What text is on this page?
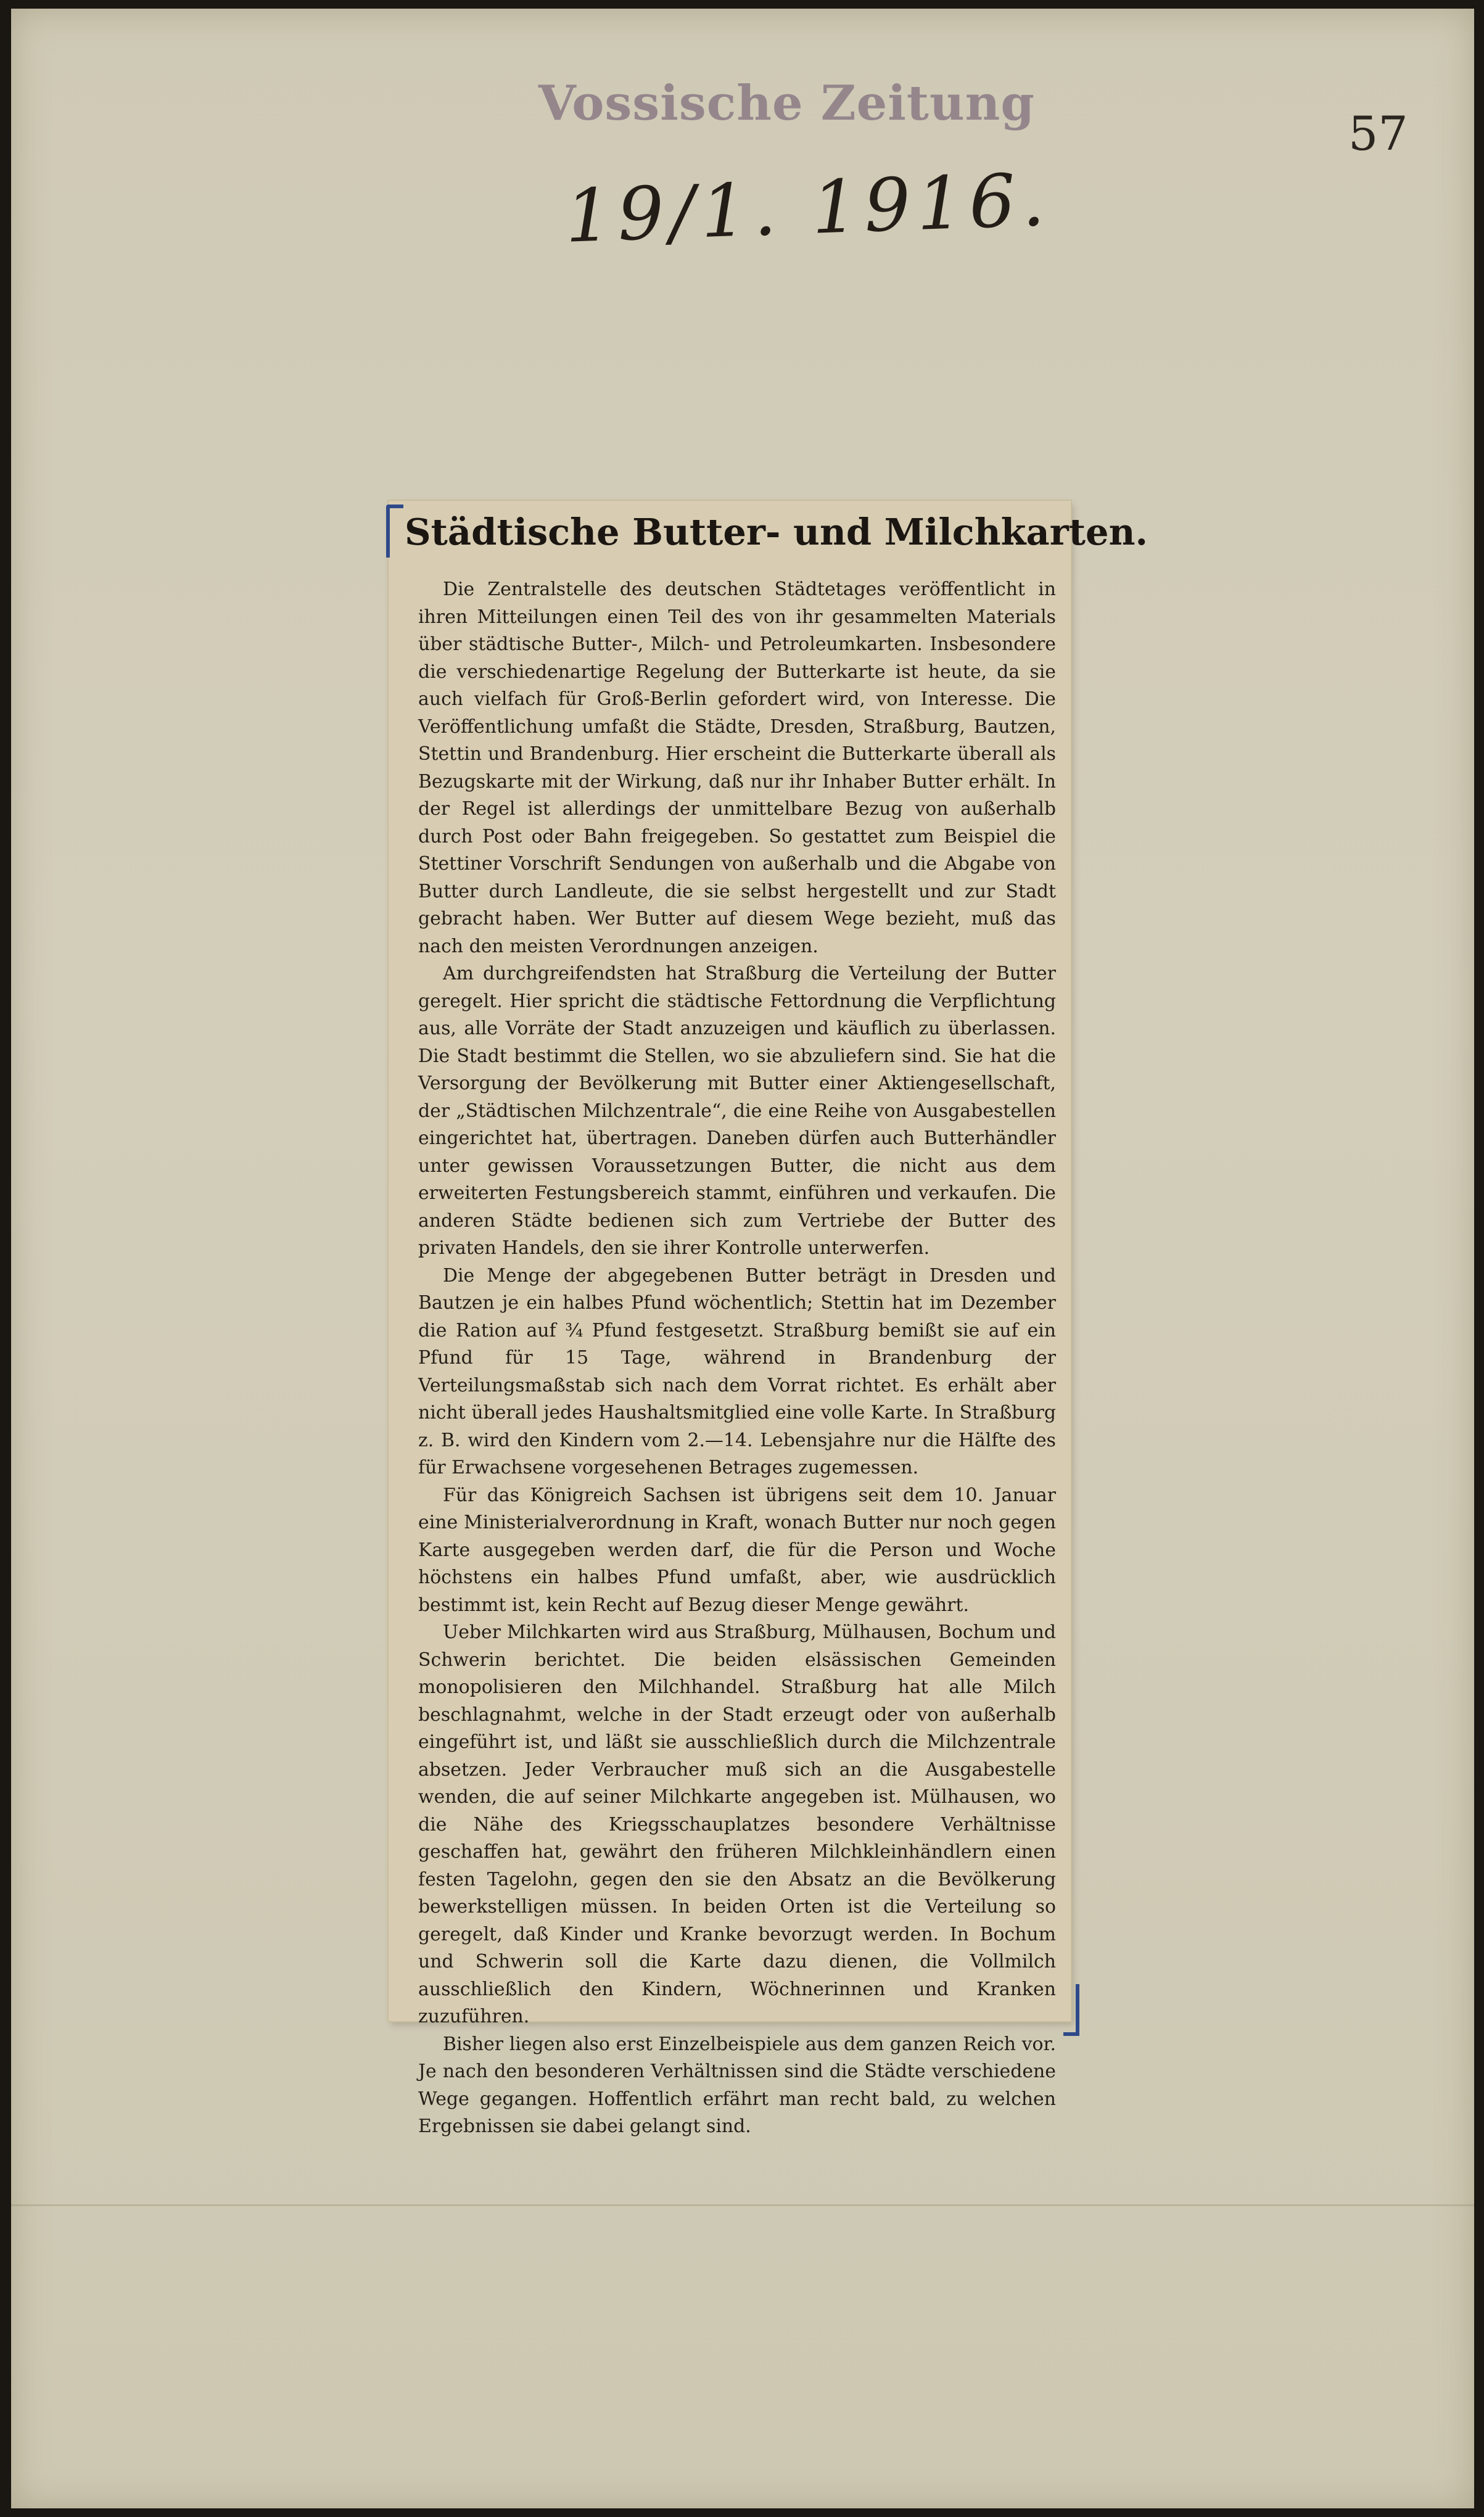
Vossische Zeitung
57
19/1. 1916.
Städtische Butter- und Milchkarten.

Die Zentralstelle des deutschen Städtetages veröffentlicht in ihren Mitteilungen einen Teil des von ihr gesammelten Materials über städtische Butter-, Milch- und Petroleumkarten. Insbesondere die verschiedenartige Regelung der Butterkarte ist heute, da sie auch vielfach für Groß-Berlin gefordert wird, von Interesse. Die Veröffentlichung umfaßt die Städte, Dresden, Straßburg, Bautzen, Stettin und Brandenburg. Hier erscheint die Butterkarte überall als Bezugskarte mit der Wirkung, daß nur ihr Inhaber Butter erhält. In der Regel ist allerdings der unmittelbare Bezug von außerhalb durch Post oder Bahn freigegeben. So gestattet zum Beispiel die Stettiner Vorschrift Sendungen von außerhalb und die Abgabe von Butter durch Landleute, die sie selbst hergestellt und zur Stadt gebracht haben. Wer Butter auf diesem Wege bezieht, muß das nach den meisten Verordnungen anzeigen.

Am durchgreifendsten hat Straßburg die Verteilung der Butter geregelt. Hier spricht die städtische Fettordnung die Verpflichtung aus, alle Vorräte der Stadt anzuzeigen und käuflich zu überlassen. Die Stadt bestimmt die Stellen, wo sie abzuliefern sind. Sie hat die Versorgung der Bevölkerung mit Butter einer Aktiengesellschaft, der „Städtischen Milchzentrale“, die eine Reihe von Ausgabestellen eingerichtet hat, übertragen. Daneben dürfen auch Butterhändler unter gewissen Voraussetzungen Butter, die nicht aus dem erweiterten Festungsbereich stammt, einführen und verkaufen. Die anderen Städte bedienen sich zum Vertriebe der Butter des privaten Handels, den sie ihrer Kontrolle unterwerfen.

Die Menge der abgegebenen Butter beträgt in Dresden und Bautzen je ein halbes Pfund wöchentlich; Stettin hat im Dezember die Ration auf ¾ Pfund festgesetzt. Straßburg bemißt sie auf ein Pfund für 15 Tage, während in Brandenburg der Verteilungsmaßstab sich nach dem Vorrat richtet. Es erhält aber nicht überall jedes Haushaltsmitglied eine volle Karte. In Straßburg z. B. wird den Kindern vom 2.—14. Lebensjahre nur die Hälfte des für Erwachsene vorgesehenen Betrages zugemessen.

Für das Königreich Sachsen ist übrigens seit dem 10. Januar eine Ministerialverordnung in Kraft, wonach Butter nur noch gegen Karte ausgegeben werden darf, die für die Person und Woche höchstens ein halbes Pfund umfaßt, aber, wie ausdrücklich bestimmt ist, kein Recht auf Bezug dieser Menge gewährt.

Ueber Milchkarten wird aus Straßburg, Mülhausen, Bochum und Schwerin berichtet. Die beiden elsässischen Gemeinden monopolisieren den Milchhandel. Straßburg hat alle Milch beschlagnahmt, welche in der Stadt erzeugt oder von außerhalb eingeführt ist, und läßt sie ausschließlich durch die Milchzentrale absetzen. Jeder Verbraucher muß sich an die Ausgabestelle wenden, die auf seiner Milchkarte angegeben ist. Mülhausen, wo die Nähe des Kriegsschauplatzes besondere Verhältnisse geschaffen hat, gewährt den früheren Milchkleinhändlern einen festen Tagelohn, gegen den sie den Absatz an die Bevölkerung bewerkstelligen müssen. In beiden Orten ist die Verteilung so geregelt, daß Kinder und Kranke bevorzugt werden. In Bochum und Schwerin soll die Karte dazu dienen, die Vollmilch ausschließlich den Kindern, Wöchnerinnen und Kranken zuzuführen.

Bisher liegen also erst Einzelbeispiele aus dem ganzen Reich vor. Je nach den besonderen Verhältnissen sind die Städte verschiedene Wege gegangen. Hoffentlich erfährt man recht bald, zu welchen Ergebnissen sie dabei gelangt sind.
